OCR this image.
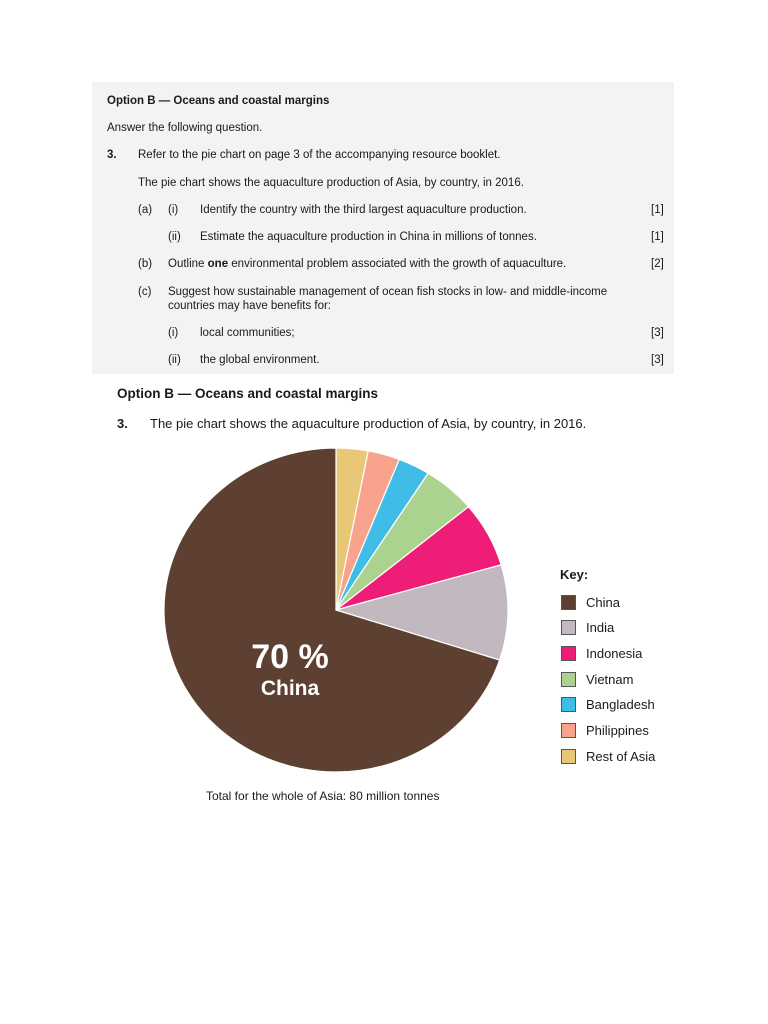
Option B — Oceans and coastal margins
Answer the following question.
3. Refer to the pie chart on page 3 of the accompanying resource booklet.
The pie chart shows the aquaculture production of Asia, by country, in 2016.
(a) (i) Identify the country with the third largest aquaculture production.	[1]
(ii) Estimate the aquaculture production in China in millions of tonnes.	[1]
(b) Outline one environmental problem associated with the growth of aquaculture.	[2]
(c) Suggest how sustainable management of ocean fish stocks in low- and middle-income
countries may have benefits for:
(i) local communities;	[3]
(ii) the global environment.	[3]
Option B — Oceans and coastal margins
3. The pie chart shows the aquaculture production of Asia, by country, in 2016.
70 %
China
Key:
China
India
Indonesia
Vietnam
Bangladesh
Philippines
Rest of Asia
Total for the whole of Asia: 80 million tonnes
